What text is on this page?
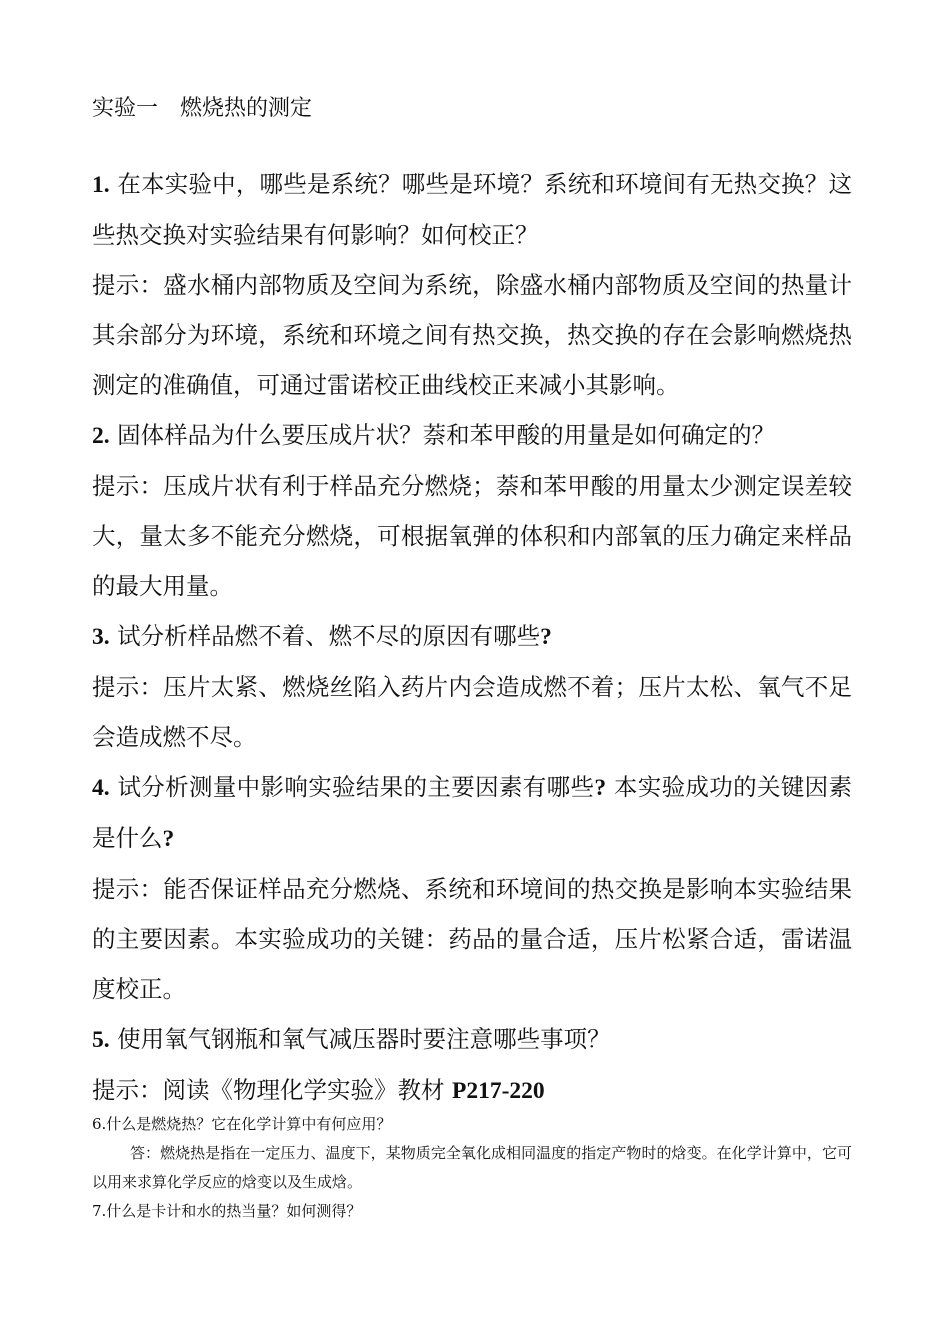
实验一 燃烧热的测定

1. 在本实验中，哪些是系统？哪些是环境？系统和环境间有无热交换？这些热交换对实验结果有何影响？如何校正？

提示：盛水桶内部物质及空间为系统，除盛水桶内部物质及空间的热量计其余部分为环境，系统和环境之间有热交换，热交换的存在会影响燃烧热测定的准确值，可通过雷诺校正曲线校正来减小其影响。

2. 固体样品为什么要压成片状？萘和苯甲酸的用量是如何确定的？

提示：压成片状有利于样品充分燃烧；萘和苯甲酸的用量太少测定误差较大，量太多不能充分燃烧，可根据氧弹的体积和内部氧的压力确定来样品的最大用量。

3. 试分析样品燃不着、燃不尽的原因有哪些?

提示：压片太紧、燃烧丝陷入药片内会造成燃不着；压片太松、氧气不足会造成燃不尽。

4. 试分析测量中影响实验结果的主要因素有哪些? 本实验成功的关键因素是什么?

提示：能否保证样品充分燃烧、系统和环境间的热交换是影响本实验结果的主要因素。本实验成功的关键：药品的量合适，压片松紧合适，雷诺温度校正。

5. 使用氧气钢瓶和氧气减压器时要注意哪些事项？

提示：阅读《物理化学实验》教材 P217-220

6.什么是燃烧热？它在化学计算中有何应用？

答：燃烧热是指在一定压力、温度下，某物质完全氧化成相同温度的指定产物时的焓变。在化学计算中，它可以用来求算化学反应的焓变以及生成焓。

7.什么是卡计和水的热当量？如何测得？
